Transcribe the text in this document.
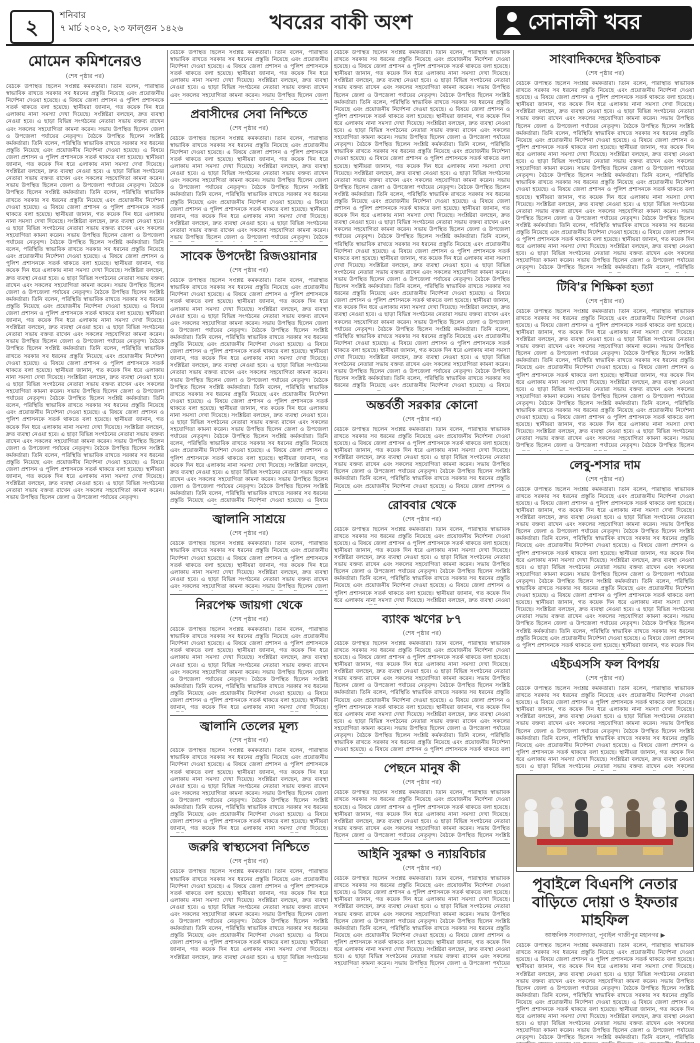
২	শনিবার
৭ মার্চ ২০২০, ২৩ ফাল্গুন ১৪২৬	খবরের বাকী অংশ	সোনালী খবর
মোমেন কমিশনেরও
(শেষ পৃষ্ঠার পর)
বৈঠকে উপস্থিত ছিলেন সংশ্লিষ্ট কর্মকর্তারা। তিনি বলেন, পরিস্থিতি স্বাভাবিক রাখতে সরকার সব ধরনের প্রস্তুতি নিয়েছে এবং প্রয়োজনীয় নির্দেশনা দেওয়া হয়েছে। এ বিষয়ে জেলা প্রশাসন ও পুলিশ প্রশাসনকে সতর্ক থাকতে বলা হয়েছে। স্থানীয়রা জানান, গত কয়েক দিন ধরে এলাকায় নানা সমস্যা দেখা দিয়েছে। সংশ্লিষ্টরা বলছেন, দ্রুত ব্যবস্থা নেওয়া হবে। এ ছাড়া বিভিন্ন সংগঠনের নেতারা সভায় বক্তব্য রাখেন এবং সকলের সহযোগিতা কামনা করেন। সভায় উপস্থিত ছিলেন জেলা ও উপজেলা পর্যায়ের নেতৃবৃন্দ। বৈঠকে উপস্থিত ছিলেন সংশ্লিষ্ট কর্মকর্তারা। তিনি বলেন, পরিস্থিতি স্বাভাবিক রাখতে সরকার সব ধরনের প্রস্তুতি নিয়েছে এবং প্রয়োজনীয় নির্দেশনা দেওয়া হয়েছে। এ বিষয়ে জেলা প্রশাসন ও পুলিশ প্রশাসনকে সতর্ক থাকতে বলা হয়েছে। স্থানীয়রা জানান, গত কয়েক দিন ধরে এলাকায় নানা সমস্যা দেখা দিয়েছে। সংশ্লিষ্টরা বলছেন, দ্রুত ব্যবস্থা নেওয়া হবে। এ ছাড়া বিভিন্ন সংগঠনের নেতারা সভায় বক্তব্য রাখেন এবং সকলের সহযোগিতা কামনা করেন। সভায় উপস্থিত ছিলেন জেলা ও উপজেলা পর্যায়ের নেতৃবৃন্দ। বৈঠকে উপস্থিত ছিলেন সংশ্লিষ্ট কর্মকর্তারা। তিনি বলেন, পরিস্থিতি স্বাভাবিক রাখতে সরকার সব ধরনের প্রস্তুতি নিয়েছে এবং প্রয়োজনীয় নির্দেশনা দেওয়া হয়েছে। এ বিষয়ে জেলা প্রশাসন ও পুলিশ প্রশাসনকে সতর্ক থাকতে বলা হয়েছে। স্থানীয়রা জানান, গত কয়েক দিন ধরে এলাকায় নানা সমস্যা দেখা দিয়েছে। সংশ্লিষ্টরা বলছেন, দ্রুত ব্যবস্থা নেওয়া হবে। এ ছাড়া বিভিন্ন সংগঠনের নেতারা সভায় বক্তব্য রাখেন এবং সকলের সহযোগিতা কামনা করেন। সভায় উপস্থিত ছিলেন জেলা ও উপজেলা পর্যায়ের নেতৃবৃন্দ। বৈঠকে উপস্থিত ছিলেন সংশ্লিষ্ট কর্মকর্তারা। তিনি বলেন, পরিস্থিতি স্বাভাবিক রাখতে সরকার সব ধরনের প্রস্তুতি নিয়েছে এবং প্রয়োজনীয় নির্দেশনা দেওয়া হয়েছে। এ বিষয়ে জেলা প্রশাসন ও পুলিশ প্রশাসনকে সতর্ক থাকতে বলা হয়েছে। স্থানীয়রা জানান, গত কয়েক দিন ধরে এলাকায় নানা সমস্যা দেখা দিয়েছে। সংশ্লিষ্টরা বলছেন, দ্রুত ব্যবস্থা নেওয়া হবে। এ ছাড়া বিভিন্ন সংগঠনের নেতারা সভায় বক্তব্য রাখেন এবং সকলের সহযোগিতা কামনা করেন। সভায় উপস্থিত ছিলেন জেলা ও উপজেলা পর্যায়ের নেতৃবৃন্দ। বৈঠকে উপস্থিত ছিলেন সংশ্লিষ্ট কর্মকর্তারা। তিনি বলেন, পরিস্থিতি স্বাভাবিক রাখতে সরকার সব ধরনের প্রস্তুতি নিয়েছে এবং প্রয়োজনীয় নির্দেশনা দেওয়া হয়েছে। এ বিষয়ে জেলা প্রশাসন ও পুলিশ প্রশাসনকে সতর্ক থাকতে বলা হয়েছে। স্থানীয়রা জানান, গত কয়েক দিন ধরে এলাকায় নানা সমস্যা দেখা দিয়েছে। সংশ্লিষ্টরা বলছেন, দ্রুত ব্যবস্থা নেওয়া হবে। এ ছাড়া বিভিন্ন সংগঠনের নেতারা সভায় বক্তব্য রাখেন এবং সকলের সহযোগিতা কামনা করেন। সভায় উপস্থিত ছিলেন জেলা ও উপজেলা পর্যায়ের নেতৃবৃন্দ। বৈঠকে উপস্থিত ছিলেন সংশ্লিষ্ট কর্মকর্তারা। তিনি বলেন, পরিস্থিতি স্বাভাবিক রাখতে সরকার সব ধরনের প্রস্তুতি নিয়েছে এবং প্রয়োজনীয় নির্দেশনা দেওয়া হয়েছে। এ বিষয়ে জেলা প্রশাসন ও পুলিশ প্রশাসনকে সতর্ক থাকতে বলা হয়েছে। স্থানীয়রা জানান, গত কয়েক দিন ধরে এলাকায় নানা সমস্যা দেখা দিয়েছে। সংশ্লিষ্টরা বলছেন, দ্রুত ব্যবস্থা নেওয়া হবে। এ ছাড়া বিভিন্ন সংগঠনের নেতারা সভায় বক্তব্য রাখেন এবং সকলের সহযোগিতা কামনা করেন। সভায় উপস্থিত ছিলেন জেলা ও উপজেলা পর্যায়ের নেতৃবৃন্দ। বৈঠকে উপস্থিত ছিলেন সংশ্লিষ্ট কর্মকর্তারা। তিনি বলেন, পরিস্থিতি স্বাভাবিক রাখতে সরকার সব ধরনের প্রস্তুতি নিয়েছে এবং প্রয়োজনীয় নির্দেশনা দেওয়া হয়েছে। এ বিষয়ে জেলা প্রশাসন ও পুলিশ প্রশাসনকে সতর্ক থাকতে বলা হয়েছে। স্থানীয়রা জানান, গত কয়েক দিন ধরে এলাকায় নানা সমস্যা দেখা দিয়েছে। সংশ্লিষ্টরা বলছেন, দ্রুত ব্যবস্থা নেওয়া হবে। এ ছাড়া বিভিন্ন সংগঠনের নেতারা সভায় বক্তব্য রাখেন এবং সকলের সহযোগিতা কামনা করেন। সভায় উপস্থিত ছিলেন জেলা ও উপজেলা পর্যায়ের নেতৃবৃন্দ। বৈঠকে উপস্থিত ছিলেন সংশ্লিষ্ট কর্মকর্তারা। তিনি বলেন, পরিস্থিতি স্বাভাবিক রাখতে সরকার সব ধরনের প্রস্তুতি নিয়েছে এবং প্রয়োজনীয় নির্দেশনা দেওয়া হয়েছে। এ বিষয়ে জেলা প্রশাসন ও পুলিশ প্রশাসনকে সতর্ক থাকতে বলা হয়েছে। স্থানীয়রা জানান, গত কয়েক দিন ধরে এলাকায় নানা সমস্যা দেখা দিয়েছে। সংশ্লিষ্টরা বলছেন, দ্রুত ব্যবস্থা নেওয়া হবে। এ ছাড়া বিভিন্ন সংগঠনের নেতারা সভায় বক্তব্য রাখেন এবং সকলের সহযোগিতা কামনা করেন। সভায় উপস্থিত ছিলেন জেলা ও উপজেলা পর্যায়ের নেতৃবৃন্দ।
বৈঠকে উপস্থিত ছিলেন সংশ্লিষ্ট কর্মকর্তারা। তিনি বলেন, পরিস্থিতি স্বাভাবিক রাখতে সরকার সব ধরনের প্রস্তুতি নিয়েছে এবং প্রয়োজনীয় নির্দেশনা দেওয়া হয়েছে। এ বিষয়ে জেলা প্রশাসন ও পুলিশ প্রশাসনকে সতর্ক থাকতে বলা হয়েছে। স্থানীয়রা জানান, গত কয়েক দিন ধরে এলাকায় নানা সমস্যা দেখা দিয়েছে। সংশ্লিষ্টরা বলছেন, দ্রুত ব্যবস্থা নেওয়া হবে। এ ছাড়া বিভিন্ন সংগঠনের নেতারা সভায় বক্তব্য রাখেন এবং সকলের সহযোগিতা কামনা করেন। সভায় উপস্থিত ছিলেন জেলা
প্রবাসীদের সেবা নিশ্চিতে
(শেষ পৃষ্ঠার পর)
বৈঠকে উপস্থিত ছিলেন সংশ্লিষ্ট কর্মকর্তারা। তিনি বলেন, পরিস্থিতি স্বাভাবিক রাখতে সরকার সব ধরনের প্রস্তুতি নিয়েছে এবং প্রয়োজনীয় নির্দেশনা দেওয়া হয়েছে। এ বিষয়ে জেলা প্রশাসন ও পুলিশ প্রশাসনকে সতর্ক থাকতে বলা হয়েছে। স্থানীয়রা জানান, গত কয়েক দিন ধরে এলাকায় নানা সমস্যা দেখা দিয়েছে। সংশ্লিষ্টরা বলছেন, দ্রুত ব্যবস্থা নেওয়া হবে। এ ছাড়া বিভিন্ন সংগঠনের নেতারা সভায় বক্তব্য রাখেন এবং সকলের সহযোগিতা কামনা করেন। সভায় উপস্থিত ছিলেন জেলা ও উপজেলা পর্যায়ের নেতৃবৃন্দ। বৈঠকে উপস্থিত ছিলেন সংশ্লিষ্ট কর্মকর্তারা। তিনি বলেন, পরিস্থিতি স্বাভাবিক রাখতে সরকার সব ধরনের প্রস্তুতি নিয়েছে এবং প্রয়োজনীয় নির্দেশনা দেওয়া হয়েছে। এ বিষয়ে জেলা প্রশাসন ও পুলিশ প্রশাসনকে সতর্ক থাকতে বলা হয়েছে। স্থানীয়রা জানান, গত কয়েক দিন ধরে এলাকায় নানা সমস্যা দেখা দিয়েছে। সংশ্লিষ্টরা বলছেন, দ্রুত ব্যবস্থা নেওয়া হবে। এ ছাড়া বিভিন্ন সংগঠনের নেতারা সভায় বক্তব্য রাখেন এবং সকলের সহযোগিতা কামনা করেন। সভায় উপস্থিত ছিলেন জেলা ও উপজেলা পর্যায়ের নেতৃবৃন্দ। বৈঠকে
সাবেক উপদেষ্টা রিজওয়ানার
(শেষ পৃষ্ঠার পর)
বৈঠকে উপস্থিত ছিলেন সংশ্লিষ্ট কর্মকর্তারা। তিনি বলেন, পরিস্থিতি স্বাভাবিক রাখতে সরকার সব ধরনের প্রস্তুতি নিয়েছে এবং প্রয়োজনীয় নির্দেশনা দেওয়া হয়েছে। এ বিষয়ে জেলা প্রশাসন ও পুলিশ প্রশাসনকে সতর্ক থাকতে বলা হয়েছে। স্থানীয়রা জানান, গত কয়েক দিন ধরে এলাকায় নানা সমস্যা দেখা দিয়েছে। সংশ্লিষ্টরা বলছেন, দ্রুত ব্যবস্থা নেওয়া হবে। এ ছাড়া বিভিন্ন সংগঠনের নেতারা সভায় বক্তব্য রাখেন এবং সকলের সহযোগিতা কামনা করেন। সভায় উপস্থিত ছিলেন জেলা ও উপজেলা পর্যায়ের নেতৃবৃন্দ। বৈঠকে উপস্থিত ছিলেন সংশ্লিষ্ট কর্মকর্তারা। তিনি বলেন, পরিস্থিতি স্বাভাবিক রাখতে সরকার সব ধরনের প্রস্তুতি নিয়েছে এবং প্রয়োজনীয় নির্দেশনা দেওয়া হয়েছে। এ বিষয়ে জেলা প্রশাসন ও পুলিশ প্রশাসনকে সতর্ক থাকতে বলা হয়েছে। স্থানীয়রা জানান, গত কয়েক দিন ধরে এলাকায় নানা সমস্যা দেখা দিয়েছে। সংশ্লিষ্টরা বলছেন, দ্রুত ব্যবস্থা নেওয়া হবে। এ ছাড়া বিভিন্ন সংগঠনের নেতারা সভায় বক্তব্য রাখেন এবং সকলের সহযোগিতা কামনা করেন। সভায় উপস্থিত ছিলেন জেলা ও উপজেলা পর্যায়ের নেতৃবৃন্দ। বৈঠকে উপস্থিত ছিলেন সংশ্লিষ্ট কর্মকর্তারা। তিনি বলেন, পরিস্থিতি স্বাভাবিক রাখতে সরকার সব ধরনের প্রস্তুতি নিয়েছে এবং প্রয়োজনীয় নির্দেশনা দেওয়া হয়েছে। এ বিষয়ে জেলা প্রশাসন ও পুলিশ প্রশাসনকে সতর্ক থাকতে বলা হয়েছে। স্থানীয়রা জানান, গত কয়েক দিন ধরে এলাকায় নানা সমস্যা দেখা দিয়েছে। সংশ্লিষ্টরা বলছেন, দ্রুত ব্যবস্থা নেওয়া হবে। এ ছাড়া বিভিন্ন সংগঠনের নেতারা সভায় বক্তব্য রাখেন এবং সকলের সহযোগিতা কামনা করেন। সভায় উপস্থিত ছিলেন জেলা ও উপজেলা পর্যায়ের নেতৃবৃন্দ। বৈঠকে উপস্থিত ছিলেন সংশ্লিষ্ট কর্মকর্তারা। তিনি বলেন, পরিস্থিতি স্বাভাবিক রাখতে সরকার সব ধরনের প্রস্তুতি নিয়েছে এবং প্রয়োজনীয় নির্দেশনা দেওয়া হয়েছে। এ বিষয়ে জেলা প্রশাসন ও পুলিশ প্রশাসনকে সতর্ক থাকতে বলা হয়েছে। স্থানীয়রা জানান, গত কয়েক দিন ধরে এলাকায় নানা সমস্যা দেখা দিয়েছে। সংশ্লিষ্টরা বলছেন, দ্রুত ব্যবস্থা নেওয়া হবে। এ ছাড়া বিভিন্ন সংগঠনের নেতারা সভায় বক্তব্য রাখেন এবং সকলের সহযোগিতা কামনা করেন। সভায় উপস্থিত ছিলেন জেলা ও উপজেলা পর্যায়ের নেতৃবৃন্দ। বৈঠকে উপস্থিত ছিলেন সংশ্লিষ্ট কর্মকর্তারা। তিনি বলেন, পরিস্থিতি স্বাভাবিক রাখতে সরকার সব ধরনের প্রস্তুতি নিয়েছে এবং প্রয়োজনীয় নির্দেশনা দেওয়া হয়েছে। এ বিষয়ে
জ্বালানি সাশ্রয়ে
(শেষ পৃষ্ঠার পর)
বৈঠকে উপস্থিত ছিলেন সংশ্লিষ্ট কর্মকর্তারা। তিনি বলেন, পরিস্থিতি স্বাভাবিক রাখতে সরকার সব ধরনের প্রস্তুতি নিয়েছে এবং প্রয়োজনীয় নির্দেশনা দেওয়া হয়েছে। এ বিষয়ে জেলা প্রশাসন ও পুলিশ প্রশাসনকে সতর্ক থাকতে বলা হয়েছে। স্থানীয়রা জানান, গত কয়েক দিন ধরে এলাকায় নানা সমস্যা দেখা দিয়েছে। সংশ্লিষ্টরা বলছেন, দ্রুত ব্যবস্থা নেওয়া হবে। এ ছাড়া বিভিন্ন সংগঠনের নেতারা সভায় বক্তব্য রাখেন এবং সকলের সহযোগিতা কামনা করেন। সভায় উপস্থিত ছিলেন জেলা
নিরপেক্ষ জায়গা থেকে
(শেষ পৃষ্ঠার পর)
বৈঠকে উপস্থিত ছিলেন সংশ্লিষ্ট কর্মকর্তারা। তিনি বলেন, পরিস্থিতি স্বাভাবিক রাখতে সরকার সব ধরনের প্রস্তুতি নিয়েছে এবং প্রয়োজনীয় নির্দেশনা দেওয়া হয়েছে। এ বিষয়ে জেলা প্রশাসন ও পুলিশ প্রশাসনকে সতর্ক থাকতে বলা হয়েছে। স্থানীয়রা জানান, গত কয়েক দিন ধরে এলাকায় নানা সমস্যা দেখা দিয়েছে। সংশ্লিষ্টরা বলছেন, দ্রুত ব্যবস্থা নেওয়া হবে। এ ছাড়া বিভিন্ন সংগঠনের নেতারা সভায় বক্তব্য রাখেন এবং সকলের সহযোগিতা কামনা করেন। সভায় উপস্থিত ছিলেন জেলা ও উপজেলা পর্যায়ের নেতৃবৃন্দ। বৈঠকে উপস্থিত ছিলেন সংশ্লিষ্ট কর্মকর্তারা। তিনি বলেন, পরিস্থিতি স্বাভাবিক রাখতে সরকার সব ধরনের প্রস্তুতি নিয়েছে এবং প্রয়োজনীয় নির্দেশনা দেওয়া হয়েছে। এ বিষয়ে জেলা প্রশাসন ও পুলিশ প্রশাসনকে সতর্ক থাকতে বলা হয়েছে। স্থানীয়রা জানান, গত কয়েক দিন ধরে এলাকায় নানা সমস্যা দেখা দিয়েছে।
জ্বালানি তেলের মূল্য
(শেষ পৃষ্ঠার পর)
বৈঠকে উপস্থিত ছিলেন সংশ্লিষ্ট কর্মকর্তারা। তিনি বলেন, পরিস্থিতি স্বাভাবিক রাখতে সরকার সব ধরনের প্রস্তুতি নিয়েছে এবং প্রয়োজনীয় নির্দেশনা দেওয়া হয়েছে। এ বিষয়ে জেলা প্রশাসন ও পুলিশ প্রশাসনকে সতর্ক থাকতে বলা হয়েছে। স্থানীয়রা জানান, গত কয়েক দিন ধরে এলাকায় নানা সমস্যা দেখা দিয়েছে। সংশ্লিষ্টরা বলছেন, দ্রুত ব্যবস্থা নেওয়া হবে। এ ছাড়া বিভিন্ন সংগঠনের নেতারা সভায় বক্তব্য রাখেন এবং সকলের সহযোগিতা কামনা করেন। সভায় উপস্থিত ছিলেন জেলা ও উপজেলা পর্যায়ের নেতৃবৃন্দ। বৈঠকে উপস্থিত ছিলেন সংশ্লিষ্ট কর্মকর্তারা। তিনি বলেন, পরিস্থিতি স্বাভাবিক রাখতে সরকার সব ধরনের প্রস্তুতি নিয়েছে এবং প্রয়োজনীয় নির্দেশনা দেওয়া হয়েছে। এ বিষয়ে জেলা প্রশাসন ও পুলিশ প্রশাসনকে সতর্ক থাকতে বলা হয়েছে। স্থানীয়রা জানান, গত কয়েক দিন ধরে এলাকায় নানা সমস্যা দেখা দিয়েছে।
জরুরি স্বাস্থ্যসেবা নিশ্চিতে
(শেষ পৃষ্ঠার পর)
বৈঠকে উপস্থিত ছিলেন সংশ্লিষ্ট কর্মকর্তারা। তিনি বলেন, পরিস্থিতি স্বাভাবিক রাখতে সরকার সব ধরনের প্রস্তুতি নিয়েছে এবং প্রয়োজনীয় নির্দেশনা দেওয়া হয়েছে। এ বিষয়ে জেলা প্রশাসন ও পুলিশ প্রশাসনকে সতর্ক থাকতে বলা হয়েছে। স্থানীয়রা জানান, গত কয়েক দিন ধরে এলাকায় নানা সমস্যা দেখা দিয়েছে। সংশ্লিষ্টরা বলছেন, দ্রুত ব্যবস্থা নেওয়া হবে। এ ছাড়া বিভিন্ন সংগঠনের নেতারা সভায় বক্তব্য রাখেন এবং সকলের সহযোগিতা কামনা করেন। সভায় উপস্থিত ছিলেন জেলা ও উপজেলা পর্যায়ের নেতৃবৃন্দ। বৈঠকে উপস্থিত ছিলেন সংশ্লিষ্ট কর্মকর্তারা। তিনি বলেন, পরিস্থিতি স্বাভাবিক রাখতে সরকার সব ধরনের প্রস্তুতি নিয়েছে এবং প্রয়োজনীয় নির্দেশনা দেওয়া হয়েছে। এ বিষয়ে জেলা প্রশাসন ও পুলিশ প্রশাসনকে সতর্ক থাকতে বলা হয়েছে। স্থানীয়রা জানান, গত কয়েক দিন ধরে এলাকায় নানা সমস্যা দেখা দিয়েছে। সংশ্লিষ্টরা বলছেন, দ্রুত ব্যবস্থা নেওয়া হবে। এ ছাড়া বিভিন্ন সংগঠনের
বৈঠকে উপস্থিত ছিলেন সংশ্লিষ্ট কর্মকর্তারা। তিনি বলেন, পরিস্থিতি স্বাভাবিক রাখতে সরকার সব ধরনের প্রস্তুতি নিয়েছে এবং প্রয়োজনীয় নির্দেশনা দেওয়া হয়েছে। এ বিষয়ে জেলা প্রশাসন ও পুলিশ প্রশাসনকে সতর্ক থাকতে বলা হয়েছে। স্থানীয়রা জানান, গত কয়েক দিন ধরে এলাকায় নানা সমস্যা দেখা দিয়েছে। সংশ্লিষ্টরা বলছেন, দ্রুত ব্যবস্থা নেওয়া হবে। এ ছাড়া বিভিন্ন সংগঠনের নেতারা সভায় বক্তব্য রাখেন এবং সকলের সহযোগিতা কামনা করেন। সভায় উপস্থিত ছিলেন জেলা ও উপজেলা পর্যায়ের নেতৃবৃন্দ। বৈঠকে উপস্থিত ছিলেন সংশ্লিষ্ট কর্মকর্তারা। তিনি বলেন, পরিস্থিতি স্বাভাবিক রাখতে সরকার সব ধরনের প্রস্তুতি নিয়েছে এবং প্রয়োজনীয় নির্দেশনা দেওয়া হয়েছে। এ বিষয়ে জেলা প্রশাসন ও পুলিশ প্রশাসনকে সতর্ক থাকতে বলা হয়েছে। স্থানীয়রা জানান, গত কয়েক দিন ধরে এলাকায় নানা সমস্যা দেখা দিয়েছে। সংশ্লিষ্টরা বলছেন, দ্রুত ব্যবস্থা নেওয়া হবে। এ ছাড়া বিভিন্ন সংগঠনের নেতারা সভায় বক্তব্য রাখেন এবং সকলের সহযোগিতা কামনা করেন। সভায় উপস্থিত ছিলেন জেলা ও উপজেলা পর্যায়ের নেতৃবৃন্দ। বৈঠকে উপস্থিত ছিলেন সংশ্লিষ্ট কর্মকর্তারা। তিনি বলেন, পরিস্থিতি স্বাভাবিক রাখতে সরকার সব ধরনের প্রস্তুতি নিয়েছে এবং প্রয়োজনীয় নির্দেশনা দেওয়া হয়েছে। এ বিষয়ে জেলা প্রশাসন ও পুলিশ প্রশাসনকে সতর্ক থাকতে বলা হয়েছে। স্থানীয়রা জানান, গত কয়েক দিন ধরে এলাকায় নানা সমস্যা দেখা দিয়েছে। সংশ্লিষ্টরা বলছেন, দ্রুত ব্যবস্থা নেওয়া হবে। এ ছাড়া বিভিন্ন সংগঠনের নেতারা সভায় বক্তব্য রাখেন এবং সকলের সহযোগিতা কামনা করেন। সভায় উপস্থিত ছিলেন জেলা ও উপজেলা পর্যায়ের নেতৃবৃন্দ। বৈঠকে উপস্থিত ছিলেন সংশ্লিষ্ট কর্মকর্তারা। তিনি বলেন, পরিস্থিতি স্বাভাবিক রাখতে সরকার সব ধরনের প্রস্তুতি নিয়েছে এবং প্রয়োজনীয় নির্দেশনা দেওয়া হয়েছে। এ বিষয়ে জেলা প্রশাসন ও পুলিশ প্রশাসনকে সতর্ক থাকতে বলা হয়েছে। স্থানীয়রা জানান, গত কয়েক দিন ধরে এলাকায় নানা সমস্যা দেখা দিয়েছে। সংশ্লিষ্টরা বলছেন, দ্রুত ব্যবস্থা নেওয়া হবে। এ ছাড়া বিভিন্ন সংগঠনের নেতারা সভায় বক্তব্য রাখেন এবং সকলের সহযোগিতা কামনা করেন। সভায় উপস্থিত ছিলেন জেলা ও উপজেলা পর্যায়ের নেতৃবৃন্দ। বৈঠকে উপস্থিত ছিলেন সংশ্লিষ্ট কর্মকর্তারা। তিনি বলেন, পরিস্থিতি স্বাভাবিক রাখতে সরকার সব ধরনের প্রস্তুতি নিয়েছে এবং প্রয়োজনীয় নির্দেশনা দেওয়া হয়েছে। এ বিষয়ে জেলা প্রশাসন ও পুলিশ প্রশাসনকে সতর্ক থাকতে বলা হয়েছে। স্থানীয়রা জানান, গত কয়েক দিন ধরে এলাকায় নানা সমস্যা দেখা দিয়েছে। সংশ্লিষ্টরা বলছেন, দ্রুত ব্যবস্থা নেওয়া হবে। এ ছাড়া বিভিন্ন সংগঠনের নেতারা সভায় বক্তব্য রাখেন এবং সকলের সহযোগিতা কামনা করেন। সভায় উপস্থিত ছিলেন জেলা ও উপজেলা পর্যায়ের নেতৃবৃন্দ। বৈঠকে উপস্থিত ছিলেন সংশ্লিষ্ট কর্মকর্তারা। তিনি বলেন, পরিস্থিতি স্বাভাবিক রাখতে সরকার সব ধরনের প্রস্তুতি নিয়েছে এবং প্রয়োজনীয় নির্দেশনা দেওয়া হয়েছে। এ বিষয়ে জেলা প্রশাসন ও পুলিশ প্রশাসনকে সতর্ক থাকতে বলা হয়েছে। স্থানীয়রা জানান, গত কয়েক দিন ধরে এলাকায় নানা সমস্যা দেখা দিয়েছে। সংশ্লিষ্টরা বলছেন, দ্রুত ব্যবস্থা নেওয়া হবে। এ ছাড়া বিভিন্ন সংগঠনের নেতারা সভায় বক্তব্য রাখেন এবং সকলের সহযোগিতা কামনা করেন। সভায় উপস্থিত ছিলেন জেলা ও উপজেলা পর্যায়ের নেতৃবৃন্দ। বৈঠকে উপস্থিত ছিলেন সংশ্লিষ্ট কর্মকর্তারা। তিনি বলেন, পরিস্থিতি স্বাভাবিক রাখতে সরকার সব ধরনের প্রস্তুতি নিয়েছে এবং প্রয়োজনীয় নির্দেশনা দেওয়া হয়েছে। এ বিষয়ে জেলা প্রশাসন ও পুলিশ প্রশাসনকে সতর্ক থাকতে বলা হয়েছে। স্থানীয়রা জানান, গত কয়েক দিন ধরে এলাকায় নানা সমস্যা দেখা দিয়েছে। সংশ্লিষ্টরা বলছেন, দ্রুত ব্যবস্থা নেওয়া হবে। এ ছাড়া বিভিন্ন সংগঠনের নেতারা সভায় বক্তব্য রাখেন এবং সকলের সহযোগিতা কামনা করেন। সভায় উপস্থিত ছিলেন জেলা ও উপজেলা পর্যায়ের নেতৃবৃন্দ। বৈঠকে উপস্থিত ছিলেন সংশ্লিষ্ট কর্মকর্তারা। তিনি বলেন, পরিস্থিতি স্বাভাবিক রাখতে সরকার সব ধরনের প্রস্তুতি নিয়েছে এবং প্রয়োজনীয় নির্দেশনা দেওয়া হয়েছে। এ বিষয়ে
অন্তর্বর্তী সরকার কোনো
(শেষ পৃষ্ঠার পর)
বৈঠকে উপস্থিত ছিলেন সংশ্লিষ্ট কর্মকর্তারা। তিনি বলেন, পরিস্থিতি স্বাভাবিক রাখতে সরকার সব ধরনের প্রস্তুতি নিয়েছে এবং প্রয়োজনীয় নির্দেশনা দেওয়া হয়েছে। এ বিষয়ে জেলা প্রশাসন ও পুলিশ প্রশাসনকে সতর্ক থাকতে বলা হয়েছে। স্থানীয়রা জানান, গত কয়েক দিন ধরে এলাকায় নানা সমস্যা দেখা দিয়েছে। সংশ্লিষ্টরা বলছেন, দ্রুত ব্যবস্থা নেওয়া হবে। এ ছাড়া বিভিন্ন সংগঠনের নেতারা সভায় বক্তব্য রাখেন এবং সকলের সহযোগিতা কামনা করেন। সভায় উপস্থিত ছিলেন জেলা ও উপজেলা পর্যায়ের নেতৃবৃন্দ। বৈঠকে উপস্থিত ছিলেন সংশ্লিষ্ট কর্মকর্তারা। তিনি বলেন, পরিস্থিতি স্বাভাবিক রাখতে সরকার সব ধরনের প্রস্তুতি নিয়েছে এবং প্রয়োজনীয় নির্দেশনা দেওয়া হয়েছে। এ বিষয়ে জেলা প্রশাসন ও
রোববার থেকে
(শেষ পৃষ্ঠার পর)
বৈঠকে উপস্থিত ছিলেন সংশ্লিষ্ট কর্মকর্তারা। তিনি বলেন, পরিস্থিতি স্বাভাবিক রাখতে সরকার সব ধরনের প্রস্তুতি নিয়েছে এবং প্রয়োজনীয় নির্দেশনা দেওয়া হয়েছে। এ বিষয়ে জেলা প্রশাসন ও পুলিশ প্রশাসনকে সতর্ক থাকতে বলা হয়েছে। স্থানীয়রা জানান, গত কয়েক দিন ধরে এলাকায় নানা সমস্যা দেখা দিয়েছে। সংশ্লিষ্টরা বলছেন, দ্রুত ব্যবস্থা নেওয়া হবে। এ ছাড়া বিভিন্ন সংগঠনের নেতারা সভায় বক্তব্য রাখেন এবং সকলের সহযোগিতা কামনা করেন। সভায় উপস্থিত ছিলেন জেলা ও উপজেলা পর্যায়ের নেতৃবৃন্দ। বৈঠকে উপস্থিত ছিলেন সংশ্লিষ্ট কর্মকর্তারা। তিনি বলেন, পরিস্থিতি স্বাভাবিক রাখতে সরকার সব ধরনের প্রস্তুতি নিয়েছে এবং প্রয়োজনীয় নির্দেশনা দেওয়া হয়েছে। এ বিষয়ে জেলা প্রশাসন ও পুলিশ প্রশাসনকে সতর্ক থাকতে বলা হয়েছে। স্থানীয়রা জানান, গত কয়েক দিন ধরে এলাকায় নানা সমস্যা দেখা দিয়েছে। সংশ্লিষ্টরা বলছেন, দ্রুত ব্যবস্থা নেওয়া
ব্যাংক ঋণের ৮৭
(শেষ পৃষ্ঠার পর)
বৈঠকে উপস্থিত ছিলেন সংশ্লিষ্ট কর্মকর্তারা। তিনি বলেন, পরিস্থিতি স্বাভাবিক রাখতে সরকার সব ধরনের প্রস্তুতি নিয়েছে এবং প্রয়োজনীয় নির্দেশনা দেওয়া হয়েছে। এ বিষয়ে জেলা প্রশাসন ও পুলিশ প্রশাসনকে সতর্ক থাকতে বলা হয়েছে। স্থানীয়রা জানান, গত কয়েক দিন ধরে এলাকায় নানা সমস্যা দেখা দিয়েছে। সংশ্লিষ্টরা বলছেন, দ্রুত ব্যবস্থা নেওয়া হবে। এ ছাড়া বিভিন্ন সংগঠনের নেতারা সভায় বক্তব্য রাখেন এবং সকলের সহযোগিতা কামনা করেন। সভায় উপস্থিত ছিলেন জেলা ও উপজেলা পর্যায়ের নেতৃবৃন্দ। বৈঠকে উপস্থিত ছিলেন সংশ্লিষ্ট কর্মকর্তারা। তিনি বলেন, পরিস্থিতি স্বাভাবিক রাখতে সরকার সব ধরনের প্রস্তুতি নিয়েছে এবং প্রয়োজনীয় নির্দেশনা দেওয়া হয়েছে। এ বিষয়ে জেলা প্রশাসন ও পুলিশ প্রশাসনকে সতর্ক থাকতে বলা হয়েছে। স্থানীয়রা জানান, গত কয়েক দিন ধরে এলাকায় নানা সমস্যা দেখা দিয়েছে। সংশ্লিষ্টরা বলছেন, দ্রুত ব্যবস্থা নেওয়া হবে। এ ছাড়া বিভিন্ন সংগঠনের নেতারা সভায় বক্তব্য রাখেন এবং সকলের সহযোগিতা কামনা করেন। সভায় উপস্থিত ছিলেন জেলা ও উপজেলা পর্যায়ের নেতৃবৃন্দ। বৈঠকে উপস্থিত ছিলেন সংশ্লিষ্ট কর্মকর্তারা। তিনি বলেন, পরিস্থিতি স্বাভাবিক রাখতে সরকার সব ধরনের প্রস্তুতি নিয়েছে এবং প্রয়োজনীয় নির্দেশনা দেওয়া হয়েছে। এ বিষয়ে জেলা প্রশাসন ও পুলিশ প্রশাসনকে সতর্ক থাকতে বলা
পেছনে মানুষ কী
(শেষ পৃষ্ঠার পর)
বৈঠকে উপস্থিত ছিলেন সংশ্লিষ্ট কর্মকর্তারা। তিনি বলেন, পরিস্থিতি স্বাভাবিক রাখতে সরকার সব ধরনের প্রস্তুতি নিয়েছে এবং প্রয়োজনীয় নির্দেশনা দেওয়া হয়েছে। এ বিষয়ে জেলা প্রশাসন ও পুলিশ প্রশাসনকে সতর্ক থাকতে বলা হয়েছে। স্থানীয়রা জানান, গত কয়েক দিন ধরে এলাকায় নানা সমস্যা দেখা দিয়েছে। সংশ্লিষ্টরা বলছেন, দ্রুত ব্যবস্থা নেওয়া হবে। এ ছাড়া বিভিন্ন সংগঠনের নেতারা সভায় বক্তব্য রাখেন এবং সকলের সহযোগিতা কামনা করেন। সভায় উপস্থিত ছিলেন জেলা ও উপজেলা পর্যায়ের নেতৃবৃন্দ। বৈঠকে উপস্থিত ছিলেন সংশ্লিষ্ট
আইনি সুরক্ষা ও ন্যায়বিচার
(শেষ পৃষ্ঠার পর)
বৈঠকে উপস্থিত ছিলেন সংশ্লিষ্ট কর্মকর্তারা। তিনি বলেন, পরিস্থিতি স্বাভাবিক রাখতে সরকার সব ধরনের প্রস্তুতি নিয়েছে এবং প্রয়োজনীয় নির্দেশনা দেওয়া হয়েছে। এ বিষয়ে জেলা প্রশাসন ও পুলিশ প্রশাসনকে সতর্ক থাকতে বলা হয়েছে। স্থানীয়রা জানান, গত কয়েক দিন ধরে এলাকায় নানা সমস্যা দেখা দিয়েছে। সংশ্লিষ্টরা বলছেন, দ্রুত ব্যবস্থা নেওয়া হবে। এ ছাড়া বিভিন্ন সংগঠনের নেতারা সভায় বক্তব্য রাখেন এবং সকলের সহযোগিতা কামনা করেন। সভায় উপস্থিত ছিলেন জেলা ও উপজেলা পর্যায়ের নেতৃবৃন্দ। বৈঠকে উপস্থিত ছিলেন সংশ্লিষ্ট কর্মকর্তারা। তিনি বলেন, পরিস্থিতি স্বাভাবিক রাখতে সরকার সব ধরনের প্রস্তুতি নিয়েছে এবং প্রয়োজনীয় নির্দেশনা দেওয়া হয়েছে। এ বিষয়ে জেলা প্রশাসন ও পুলিশ প্রশাসনকে সতর্ক থাকতে বলা হয়েছে। স্থানীয়রা জানান, গত কয়েক দিন ধরে এলাকায় নানা সমস্যা দেখা দিয়েছে। সংশ্লিষ্টরা বলছেন, দ্রুত ব্যবস্থা নেওয়া হবে। এ ছাড়া বিভিন্ন সংগঠনের নেতারা সভায় বক্তব্য রাখেন এবং সকলের সহযোগিতা কামনা করেন। সভায় উপস্থিত ছিলেন জেলা ও উপজেলা পর্যায়ের
সাংবাদিকদের ইতিবাচক
(শেষ পৃষ্ঠার পর)
বৈঠকে উপস্থিত ছিলেন সংশ্লিষ্ট কর্মকর্তারা। তিনি বলেন, পরিস্থিতি স্বাভাবিক রাখতে সরকার সব ধরনের প্রস্তুতি নিয়েছে এবং প্রয়োজনীয় নির্দেশনা দেওয়া হয়েছে। এ বিষয়ে জেলা প্রশাসন ও পুলিশ প্রশাসনকে সতর্ক থাকতে বলা হয়েছে। স্থানীয়রা জানান, গত কয়েক দিন ধরে এলাকায় নানা সমস্যা দেখা দিয়েছে। সংশ্লিষ্টরা বলছেন, দ্রুত ব্যবস্থা নেওয়া হবে। এ ছাড়া বিভিন্ন সংগঠনের নেতারা সভায় বক্তব্য রাখেন এবং সকলের সহযোগিতা কামনা করেন। সভায় উপস্থিত ছিলেন জেলা ও উপজেলা পর্যায়ের নেতৃবৃন্দ। বৈঠকে উপস্থিত ছিলেন সংশ্লিষ্ট কর্মকর্তারা। তিনি বলেন, পরিস্থিতি স্বাভাবিক রাখতে সরকার সব ধরনের প্রস্তুতি নিয়েছে এবং প্রয়োজনীয় নির্দেশনা দেওয়া হয়েছে। এ বিষয়ে জেলা প্রশাসন ও পুলিশ প্রশাসনকে সতর্ক থাকতে বলা হয়েছে। স্থানীয়রা জানান, গত কয়েক দিন ধরে এলাকায় নানা সমস্যা দেখা দিয়েছে। সংশ্লিষ্টরা বলছেন, দ্রুত ব্যবস্থা নেওয়া হবে। এ ছাড়া বিভিন্ন সংগঠনের নেতারা সভায় বক্তব্য রাখেন এবং সকলের সহযোগিতা কামনা করেন। সভায় উপস্থিত ছিলেন জেলা ও উপজেলা পর্যায়ের নেতৃবৃন্দ। বৈঠকে উপস্থিত ছিলেন সংশ্লিষ্ট কর্মকর্তারা। তিনি বলেন, পরিস্থিতি স্বাভাবিক রাখতে সরকার সব ধরনের প্রস্তুতি নিয়েছে এবং প্রয়োজনীয় নির্দেশনা দেওয়া হয়েছে। এ বিষয়ে জেলা প্রশাসন ও পুলিশ প্রশাসনকে সতর্ক থাকতে বলা হয়েছে। স্থানীয়রা জানান, গত কয়েক দিন ধরে এলাকায় নানা সমস্যা দেখা দিয়েছে। সংশ্লিষ্টরা বলছেন, দ্রুত ব্যবস্থা নেওয়া হবে। এ ছাড়া বিভিন্ন সংগঠনের নেতারা সভায় বক্তব্য রাখেন এবং সকলের সহযোগিতা কামনা করেন। সভায় উপস্থিত ছিলেন জেলা ও উপজেলা পর্যায়ের নেতৃবৃন্দ। বৈঠকে উপস্থিত ছিলেন সংশ্লিষ্ট কর্মকর্তারা। তিনি বলেন, পরিস্থিতি স্বাভাবিক রাখতে সরকার সব ধরনের প্রস্তুতি নিয়েছে এবং প্রয়োজনীয় নির্দেশনা দেওয়া হয়েছে। এ বিষয়ে জেলা প্রশাসন ও পুলিশ প্রশাসনকে সতর্ক থাকতে বলা হয়েছে। স্থানীয়রা জানান, গত কয়েক দিন ধরে এলাকায় নানা সমস্যা দেখা দিয়েছে। সংশ্লিষ্টরা বলছেন, দ্রুত ব্যবস্থা নেওয়া হবে। এ ছাড়া বিভিন্ন সংগঠনের নেতারা সভায় বক্তব্য রাখেন এবং সকলের সহযোগিতা কামনা করেন। সভায় উপস্থিত ছিলেন জেলা ও উপজেলা পর্যায়ের নেতৃবৃন্দ। বৈঠকে উপস্থিত ছিলেন সংশ্লিষ্ট কর্মকর্তারা। তিনি বলেন, পরিস্থিতি
টিবি'র শিক্ষিকা হত্যা
(শেষ পৃষ্ঠার পর)
বৈঠকে উপস্থিত ছিলেন সংশ্লিষ্ট কর্মকর্তারা। তিনি বলেন, পরিস্থিতি স্বাভাবিক রাখতে সরকার সব ধরনের প্রস্তুতি নিয়েছে এবং প্রয়োজনীয় নির্দেশনা দেওয়া হয়েছে। এ বিষয়ে জেলা প্রশাসন ও পুলিশ প্রশাসনকে সতর্ক থাকতে বলা হয়েছে। স্থানীয়রা জানান, গত কয়েক দিন ধরে এলাকায় নানা সমস্যা দেখা দিয়েছে। সংশ্লিষ্টরা বলছেন, দ্রুত ব্যবস্থা নেওয়া হবে। এ ছাড়া বিভিন্ন সংগঠনের নেতারা সভায় বক্তব্য রাখেন এবং সকলের সহযোগিতা কামনা করেন। সভায় উপস্থিত ছিলেন জেলা ও উপজেলা পর্যায়ের নেতৃবৃন্দ। বৈঠকে উপস্থিত ছিলেন সংশ্লিষ্ট কর্মকর্তারা। তিনি বলেন, পরিস্থিতি স্বাভাবিক রাখতে সরকার সব ধরনের প্রস্তুতি নিয়েছে এবং প্রয়োজনীয় নির্দেশনা দেওয়া হয়েছে। এ বিষয়ে জেলা প্রশাসন ও পুলিশ প্রশাসনকে সতর্ক থাকতে বলা হয়েছে। স্থানীয়রা জানান, গত কয়েক দিন ধরে এলাকায় নানা সমস্যা দেখা দিয়েছে। সংশ্লিষ্টরা বলছেন, দ্রুত ব্যবস্থা নেওয়া হবে। এ ছাড়া বিভিন্ন সংগঠনের নেতারা সভায় বক্তব্য রাখেন এবং সকলের সহযোগিতা কামনা করেন। সভায় উপস্থিত ছিলেন জেলা ও উপজেলা পর্যায়ের নেতৃবৃন্দ। বৈঠকে উপস্থিত ছিলেন সংশ্লিষ্ট কর্মকর্তারা। তিনি বলেন, পরিস্থিতি স্বাভাবিক রাখতে সরকার সব ধরনের প্রস্তুতি নিয়েছে এবং প্রয়োজনীয় নির্দেশনা দেওয়া হয়েছে। এ বিষয়ে জেলা প্রশাসন ও পুলিশ প্রশাসনকে সতর্ক থাকতে বলা হয়েছে। স্থানীয়রা জানান, গত কয়েক দিন ধরে এলাকায় নানা সমস্যা দেখা দিয়েছে। সংশ্লিষ্টরা বলছেন, দ্রুত ব্যবস্থা নেওয়া হবে। এ ছাড়া বিভিন্ন সংগঠনের নেতারা সভায় বক্তব্য রাখেন এবং সকলের সহযোগিতা কামনা করেন। সভায় উপস্থিত ছিলেন জেলা ও উপজেলা পর্যায়ের নেতৃবৃন্দ। বৈঠকে উপস্থিত ছিলেন
লেবু-শসার দাম
(শেষ পৃষ্ঠার পর)
বৈঠকে উপস্থিত ছিলেন সংশ্লিষ্ট কর্মকর্তারা। তিনি বলেন, পরিস্থিতি স্বাভাবিক রাখতে সরকার সব ধরনের প্রস্তুতি নিয়েছে এবং প্রয়োজনীয় নির্দেশনা দেওয়া হয়েছে। এ বিষয়ে জেলা প্রশাসন ও পুলিশ প্রশাসনকে সতর্ক থাকতে বলা হয়েছে। স্থানীয়রা জানান, গত কয়েক দিন ধরে এলাকায় নানা সমস্যা দেখা দিয়েছে। সংশ্লিষ্টরা বলছেন, দ্রুত ব্যবস্থা নেওয়া হবে। এ ছাড়া বিভিন্ন সংগঠনের নেতারা সভায় বক্তব্য রাখেন এবং সকলের সহযোগিতা কামনা করেন। সভায় উপস্থিত ছিলেন জেলা ও উপজেলা পর্যায়ের নেতৃবৃন্দ। বৈঠকে উপস্থিত ছিলেন সংশ্লিষ্ট কর্মকর্তারা। তিনি বলেন, পরিস্থিতি স্বাভাবিক রাখতে সরকার সব ধরনের প্রস্তুতি নিয়েছে এবং প্রয়োজনীয় নির্দেশনা দেওয়া হয়েছে। এ বিষয়ে জেলা প্রশাসন ও পুলিশ প্রশাসনকে সতর্ক থাকতে বলা হয়েছে। স্থানীয়রা জানান, গত কয়েক দিন ধরে এলাকায় নানা সমস্যা দেখা দিয়েছে। সংশ্লিষ্টরা বলছেন, দ্রুত ব্যবস্থা নেওয়া হবে। এ ছাড়া বিভিন্ন সংগঠনের নেতারা সভায় বক্তব্য রাখেন এবং সকলের সহযোগিতা কামনা করেন। সভায় উপস্থিত ছিলেন জেলা ও উপজেলা পর্যায়ের নেতৃবৃন্দ। বৈঠকে উপস্থিত ছিলেন সংশ্লিষ্ট কর্মকর্তারা। তিনি বলেন, পরিস্থিতি স্বাভাবিক রাখতে সরকার সব ধরনের প্রস্তুতি নিয়েছে এবং প্রয়োজনীয় নির্দেশনা দেওয়া হয়েছে। এ বিষয়ে জেলা প্রশাসন ও পুলিশ প্রশাসনকে সতর্ক থাকতে বলা হয়েছে। স্থানীয়রা জানান, গত কয়েক দিন ধরে এলাকায় নানা সমস্যা দেখা দিয়েছে। সংশ্লিষ্টরা বলছেন, দ্রুত ব্যবস্থা নেওয়া হবে। এ ছাড়া বিভিন্ন সংগঠনের নেতারা সভায় বক্তব্য রাখেন এবং সকলের সহযোগিতা কামনা করেন। সভায় উপস্থিত ছিলেন জেলা ও উপজেলা পর্যায়ের নেতৃবৃন্দ। বৈঠকে উপস্থিত ছিলেন সংশ্লিষ্ট কর্মকর্তারা। তিনি বলেন, পরিস্থিতি স্বাভাবিক রাখতে সরকার সব ধরনের প্রস্তুতি নিয়েছে এবং প্রয়োজনীয় নির্দেশনা দেওয়া হয়েছে। এ বিষয়ে জেলা প্রশাসন ও পুলিশ প্রশাসনকে সতর্ক থাকতে বলা হয়েছে। স্থানীয়রা জানান, গত কয়েক দিন
এইচএসসি ফল বিপর্যয়
(শেষ পৃষ্ঠার পর)
বৈঠকে উপস্থিত ছিলেন সংশ্লিষ্ট কর্মকর্তারা। তিনি বলেন, পরিস্থিতি স্বাভাবিক রাখতে সরকার সব ধরনের প্রস্তুতি নিয়েছে এবং প্রয়োজনীয় নির্দেশনা দেওয়া হয়েছে। এ বিষয়ে জেলা প্রশাসন ও পুলিশ প্রশাসনকে সতর্ক থাকতে বলা হয়েছে। স্থানীয়রা জানান, গত কয়েক দিন ধরে এলাকায় নানা সমস্যা দেখা দিয়েছে। সংশ্লিষ্টরা বলছেন, দ্রুত ব্যবস্থা নেওয়া হবে। এ ছাড়া বিভিন্ন সংগঠনের নেতারা সভায় বক্তব্য রাখেন এবং সকলের সহযোগিতা কামনা করেন। সভায় উপস্থিত ছিলেন জেলা ও উপজেলা পর্যায়ের নেতৃবৃন্দ। বৈঠকে উপস্থিত ছিলেন সংশ্লিষ্ট কর্মকর্তারা। তিনি বলেন, পরিস্থিতি স্বাভাবিক রাখতে সরকার সব ধরনের প্রস্তুতি নিয়েছে এবং প্রয়োজনীয় নির্দেশনা দেওয়া হয়েছে। এ বিষয়ে জেলা প্রশাসন ও পুলিশ প্রশাসনকে সতর্ক থাকতে বলা হয়েছে। স্থানীয়রা জানান, গত কয়েক দিন ধরে এলাকায় নানা সমস্যা দেখা দিয়েছে। সংশ্লিষ্টরা বলছেন, দ্রুত ব্যবস্থা নেওয়া হবে। এ ছাড়া বিভিন্ন সংগঠনের নেতারা সভায় বক্তব্য রাখেন এবং সকলের
পূবাইলে বিএনপি নেতার বাড়িতে দোয়া ও ইফতার মাহফিল
আঞ্চলিক সংবাদদাতা, পূবাইল গাজীপুর মহানগর ▶
বৈঠকে উপস্থিত ছিলেন সংশ্লিষ্ট কর্মকর্তারা। তিনি বলেন, পরিস্থিতি স্বাভাবিক রাখতে সরকার সব ধরনের প্রস্তুতি নিয়েছে এবং প্রয়োজনীয় নির্দেশনা দেওয়া হয়েছে। এ বিষয়ে জেলা প্রশাসন ও পুলিশ প্রশাসনকে সতর্ক থাকতে বলা হয়েছে। স্থানীয়রা জানান, গত কয়েক দিন ধরে এলাকায় নানা সমস্যা দেখা দিয়েছে। সংশ্লিষ্টরা বলছেন, দ্রুত ব্যবস্থা নেওয়া হবে। এ ছাড়া বিভিন্ন সংগঠনের নেতারা সভায় বক্তব্য রাখেন এবং সকলের সহযোগিতা কামনা করেন। সভায় উপস্থিত ছিলেন জেলা ও উপজেলা পর্যায়ের নেতৃবৃন্দ। বৈঠকে উপস্থিত ছিলেন সংশ্লিষ্ট কর্মকর্তারা। তিনি বলেন, পরিস্থিতি স্বাভাবিক রাখতে সরকার সব ধরনের প্রস্তুতি নিয়েছে এবং প্রয়োজনীয় নির্দেশনা দেওয়া হয়েছে। এ বিষয়ে জেলা প্রশাসন ও পুলিশ প্রশাসনকে সতর্ক থাকতে বলা হয়েছে। স্থানীয়রা জানান, গত কয়েক দিন ধরে এলাকায় নানা সমস্যা দেখা দিয়েছে। সংশ্লিষ্টরা বলছেন, দ্রুত ব্যবস্থা নেওয়া হবে। এ ছাড়া বিভিন্ন সংগঠনের নেতারা সভায় বক্তব্য রাখেন এবং সকলের সহযোগিতা কামনা করেন। সভায় উপস্থিত ছিলেন জেলা ও উপজেলা পর্যায়ের নেতৃবৃন্দ। বৈঠকে উপস্থিত ছিলেন সংশ্লিষ্ট কর্মকর্তারা। তিনি বলেন, পরিস্থিতি
